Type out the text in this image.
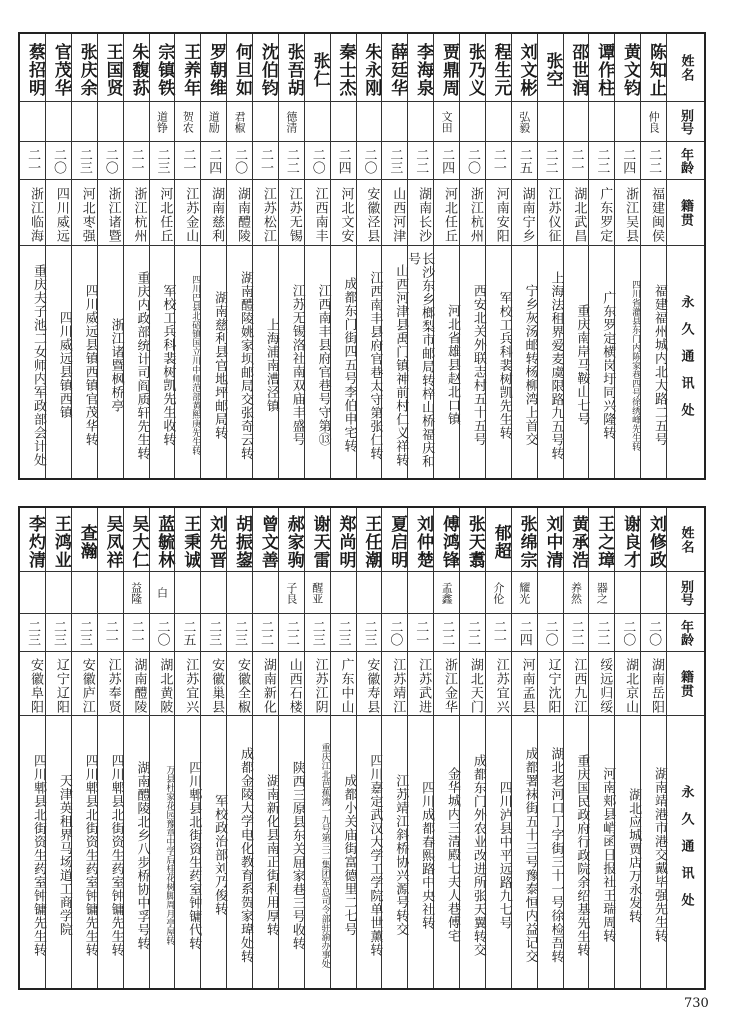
姓名
别号
年龄
籍贯
永久通讯处
陈知止
仲良
二二
福建闽侯
福建福州城内北大路二五号
黄文钧
二四
浙江吴县
四川省灌县东门内陈家巷四号徐绣峰先生转
谭作柱
二二
广东罗定
广东罗定横岗圩同兴隆转
邵世润
二一
湖北武昌
重庆南岸马鞍山七号
张空
二二
江苏仪征
上海法租界爱麦虞限路九五号转
刘文彬
弘毅
二五
湖南宁乡
宁乡灰汤邮转杨柳湾上首交
程生元
二一
河南安阳
军校工兵科裴树凯先生转
张乃义
二〇
浙江杭州
西安北关外联志村五十五号
贾鼎周
文田
二四
河北任丘
河北省雄县赵北口镇
李海泉
二二
湖南长沙
长沙东乡榔梨市邮局转梓山桥福庆和号
薛廷华
二三
山西河津
山西河津县禹门镇神前村仁义祥转
朱永刚
二〇
安徽泾县
江西南丰县府官巷太守第张仁转
秦士杰
二四
河北文安
成都东门街四五号李伯申宅转
张仁
二〇
江西南丰
江西南丰县府官巷号守第⑬
张吾胡
德清
二二
江苏无锡
江苏无锡洛社南双庙丰盛号
沈伯钧
二一
江苏松江
上海浦南漕泾镇
何旦如
君椒
二〇
湖南醴陵
湖南醴陵姚家坝邮局交张奇云转
罗朝维
道励
二四
湖南慈利
湖南慈利县官地坪邮局转
王养年
贺农
二一
江苏金山
四川巴县北碚镇国立川中师范部黄熙庚先生转
宗镇铁
道铮
二三
河北任丘
军校工兵科裴树凯先生收转
朱馥荪
二一
浙江杭州
重庆内政部统计司阎质轩先生转
王国贤
二〇
浙江诸暨
浙江诸暨枫桥亭
张庆余
二三
河北枣强
四川威远县镇西镇官茂华转
官茂华
二〇
四川威远
四川威远县镇西镇
蔡招明
二一
浙江临海
重庆夫子池二女师内军政部会计处
姓名
别号
年龄
籍贯
永久通讯处
刘修政
二〇
湖南岳阳
湖南靖港市港交戴毕强先生转
谢良才
二〇
湖北京山
湖北应城贾店万永发转
王之璋
器之
二二
绥远归绥
河南郏县峭函日报社王瑞周转
黄承浩
养然
二二
江西九江
重庆国民政府行政院余绍基先生转
刘中清
二〇
辽宁沈阳
湖北老河口丁字街三十一号徐检吾转
张绵宗
耀光
二四
河南孟县
成都署袜街五十三号豫泰恒内益记交
郁超
介伦
二一
江苏宜兴
四川泸县中平远路九七号
张天翥
二二
湖北天门
成都东门外农业改进所张天翼转交
傅鸿锋
孟鑫
二二
浙江金华
金华城内三清殿七夫人巷傅宅
刘仲楚
二一
江苏武进
四川成都春熙路中央社转
夏启明
二〇
江苏靖江
江苏靖江斜桥协兴源号转交
王任潮
二三
安徽寿县
四川嘉定武汉大学工学院单世薰转
郑尚明
二三
广东中山
成都小关庙街富德里二七号
谢天雷
醒亚
二三
江苏江阴
重庆江北芭蕉湾一九号第三二集团军总司令部驻渝办事处
郝家驹
子良
二二
山西石楼
陕西三原县东关屈家巷三号收转
曾文善
二二
湖南新化
湖南新化县南正街利用厚转
胡振鋆
二三
安徽全椒
成都金陵大学电化教育系贺家瑋处转
刘先晋
二三
安徽巢县
军校政治部刘乃俊转
王秉诚
二五
江苏宜兴
四川郫县北街资生药室钟镛代转
蓝毓林
白
二〇
湖北黄陂
万县杜家花园豫章中学后桂花树脚周月亭屋转
吴大仁
益隆
二一
湖南醴陵
湖南醴陵北乡八步桥协中孚号转
吴凤祥
二一
江苏奉贤
四川郫县北街资生药室钟镛先生转
查瀚
二三
安徽庐江
四川郫县北街资生药室钟镛先生转
王鸿业
二三
辽宁辽阳
天津英租界马场道工商学院
李灼清
二三
安徽阜阳
四川郫县北街资生药室钟镛先生转
730
